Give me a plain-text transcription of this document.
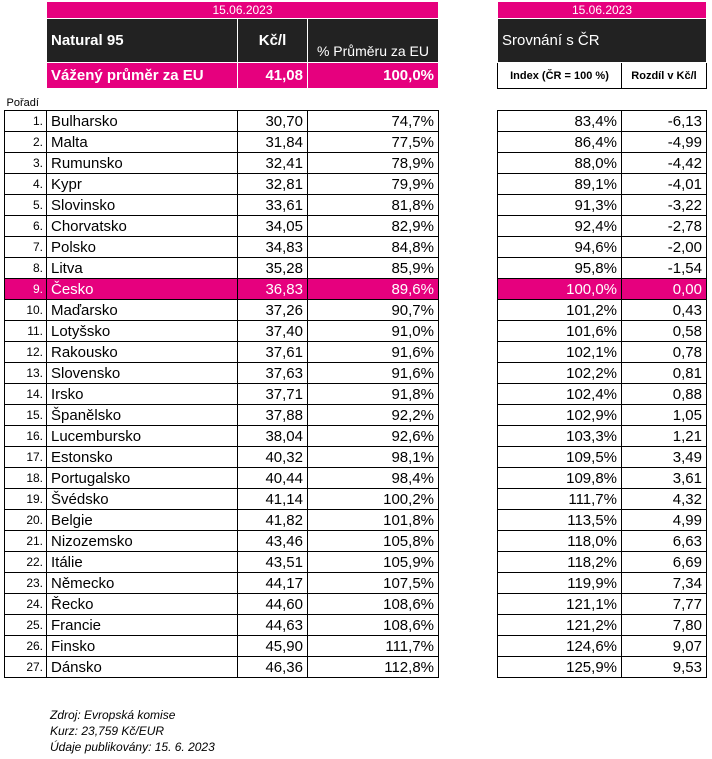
	15.06.2023		
	Natural 95	Kč/l	% Průměru za EU
	Vážený průměr za EU	41,08	100,0%
Pořadí			
1.	Bulharsko	30,70	74,7%
2.	Malta	31,84	77,5%
3.	Rumunsko	32,41	78,9%
4.	Kypr	32,81	79,9%
5.	Slovinsko	33,61	81,8%
6.	Chorvatsko	34,05	82,9%
7.	Polsko	34,83	84,8%
8.	Litva	35,28	85,9%
9.	Česko	36,83	89,6%
10.	Maďarsko	37,26	90,7%
11.	Lotyšsko	37,40	91,0%
12.	Rakousko	37,61	91,6%
13.	Slovensko	37,63	91,6%
14.	Irsko	37,71	91,8%
15.	Španělsko	37,88	92,2%
16.	Lucembursko	38,04	92,6%
17.	Estonsko	40,32	98,1%
18.	Portugalsko	40,44	98,4%
19.	Švédsko	41,14	100,2%
20.	Belgie	41,82	101,8%
21.	Nizozemsko	43,46	105,8%
22.	Itálie	43,51	105,9%
23.	Německo	44,17	107,5%
24.	Řecko	44,60	108,6%
25.	Francie	44,63	108,6%
26.	Finsko	45,90	111,7%
27.	Dánsko	46,36	112,8%
15.06.2023	
Srovnání s ČR	
Index (ČR = 100 %)	Rozdíl v Kč/l

83,4%	-6,13
86,4%	-4,99
88,0%	-4,42
89,1%	-4,01
91,3%	-3,22
92,4%	-2,78
94,6%	-2,00
95,8%	-1,54
100,0%	0,00
101,2%	0,43
101,6%	0,58
102,1%	0,78
102,2%	0,81
102,4%	0,88
102,9%	1,05
103,3%	1,21
109,5%	3,49
109,8%	3,61
111,7%	4,32
113,5%	4,99
118,0%	6,63
118,2%	6,69
119,9%	7,34
121,1%	7,77
121,2%	7,80
124,6%	9,07
125,9%	9,53
Zdroj: Evropská komise
Kurz: 23,759 Kč/EUR
Údaje publikovány: 15. 6. 2023
